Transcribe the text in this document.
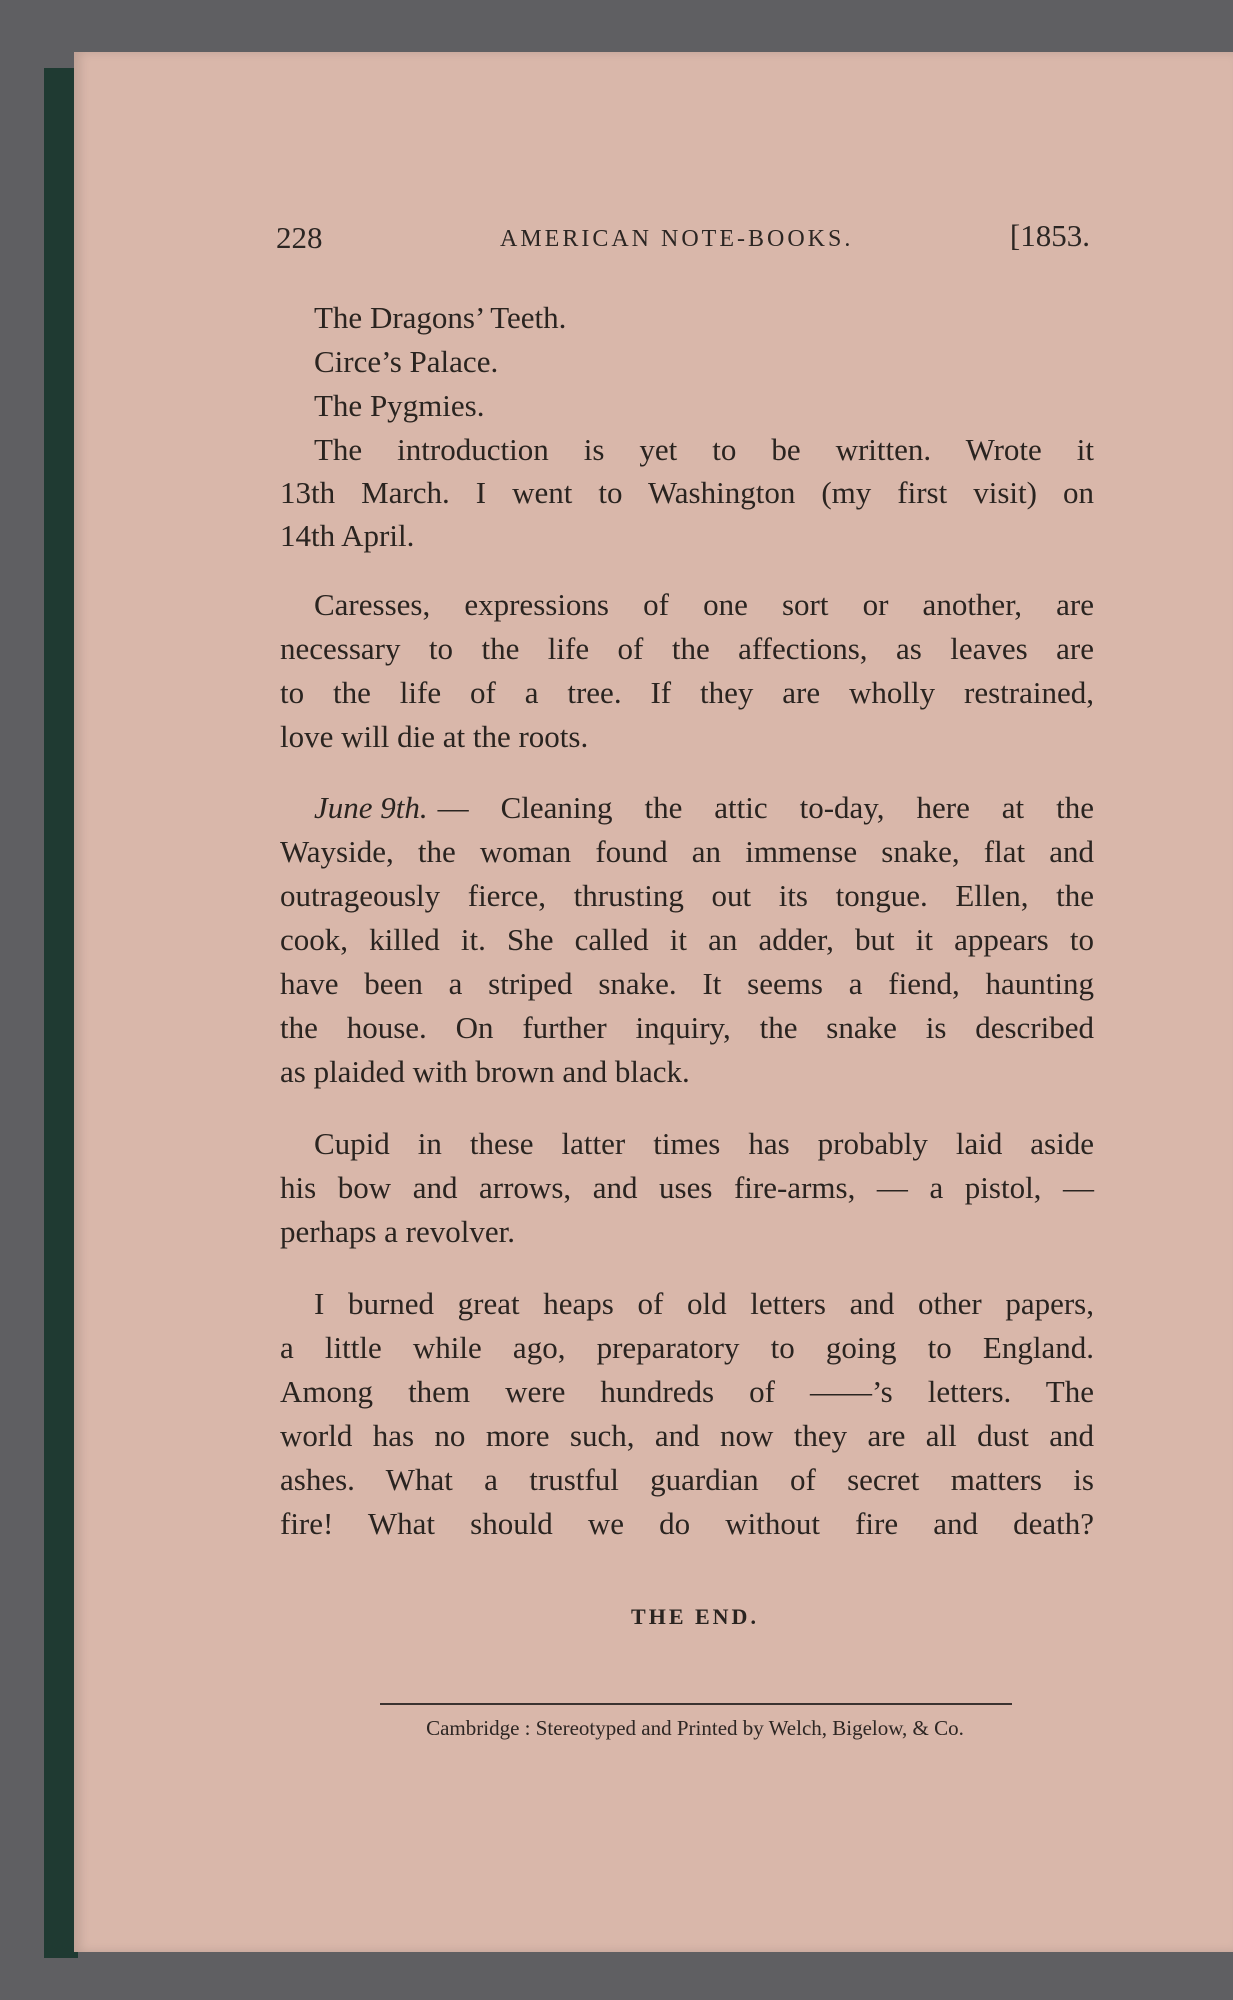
228	AMERICAN NOTE-BOOKS.	[1853.
The Dragons’ Teeth.
Circe’s Palace.
The Pygmies.
The introduction is yet to be written. Wrote it
13th March. I went to Washington (my first visit) on
14th April.
Caresses, expressions of one sort or another, are
necessary to the life of the affections, as leaves are
to the life of a tree. If they are wholly restrained,
love will die at the roots.
June 9th. — Cleaning the attic to-day, here at the
Wayside, the woman found an immense snake, flat and
outrageously fierce, thrusting out its tongue. Ellen, the
cook, killed it. She called it an adder, but it appears to
have been a striped snake. It seems a fiend, haunting
the house. On further inquiry, the snake is described
as plaided with brown and black.
Cupid in these latter times has probably laid aside
his bow and arrows, and uses fire-arms, — a pistol, —
perhaps a revolver.
I burned great heaps of old letters and other papers,
a little while ago, preparatory to going to England.
Among them were hundreds of ——’s letters. The
world has no more such, and now they are all dust and
ashes. What a trustful guardian of secret matters is
fire! What should we do without fire and death?
THE END.
Cambridge : Stereotyped and Printed by Welch, Bigelow, & Co.
